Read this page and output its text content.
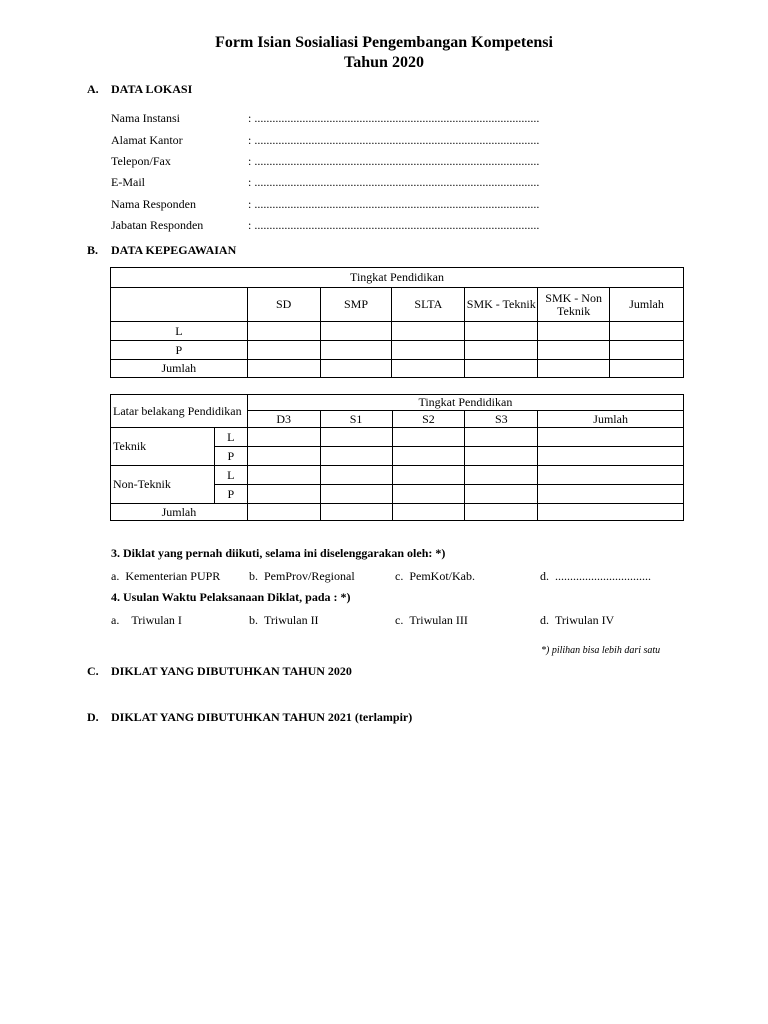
Form Isian Sosialiasi Pengembangan Kompetensi
Tahun 2020
A. DATA LOKASI
Nama Instansi	: ...............................................................................................
Alamat Kantor	: ...............................................................................................
Telepon/Fax	: ...............................................................................................
E-Mail	: ...............................................................................................
Nama Responden	: ...............................................................................................
Jabatan Responden	: ...............................................................................................
B. DATA KEPEGAWAIAN
Tingkat Pendidikan						
	SD	SMP	SLTA	SMK - Teknik	SMK - Non Teknik	Jumlah
L						
P						
Jumlah						
Latar belakang Pendidikan		Tingkat Pendidikan				
		D3	S1	S2	S3	Jumlah
Teknik	L					
	P					
Non-Teknik	L					
	P					
Jumlah						
3. Diklat yang pernah diikuti, selama ini diselenggarakan oleh: *)
a. Kementerian PUPR b. PemProv/Regional	c. PemKot/Kab.	d. ................................
4. Usulan Waktu Pelaksanaan Diklat, pada : *)
a. Triwulan I	b. Triwulan II	c. Triwulan III	d. Triwulan IV
*) pilihan bisa lebih dari satu
C. DIKLAT YANG DIBUTUHKAN TAHUN 2020
D. DIKLAT YANG DIBUTUHKAN TAHUN 2021 (terlampir)
